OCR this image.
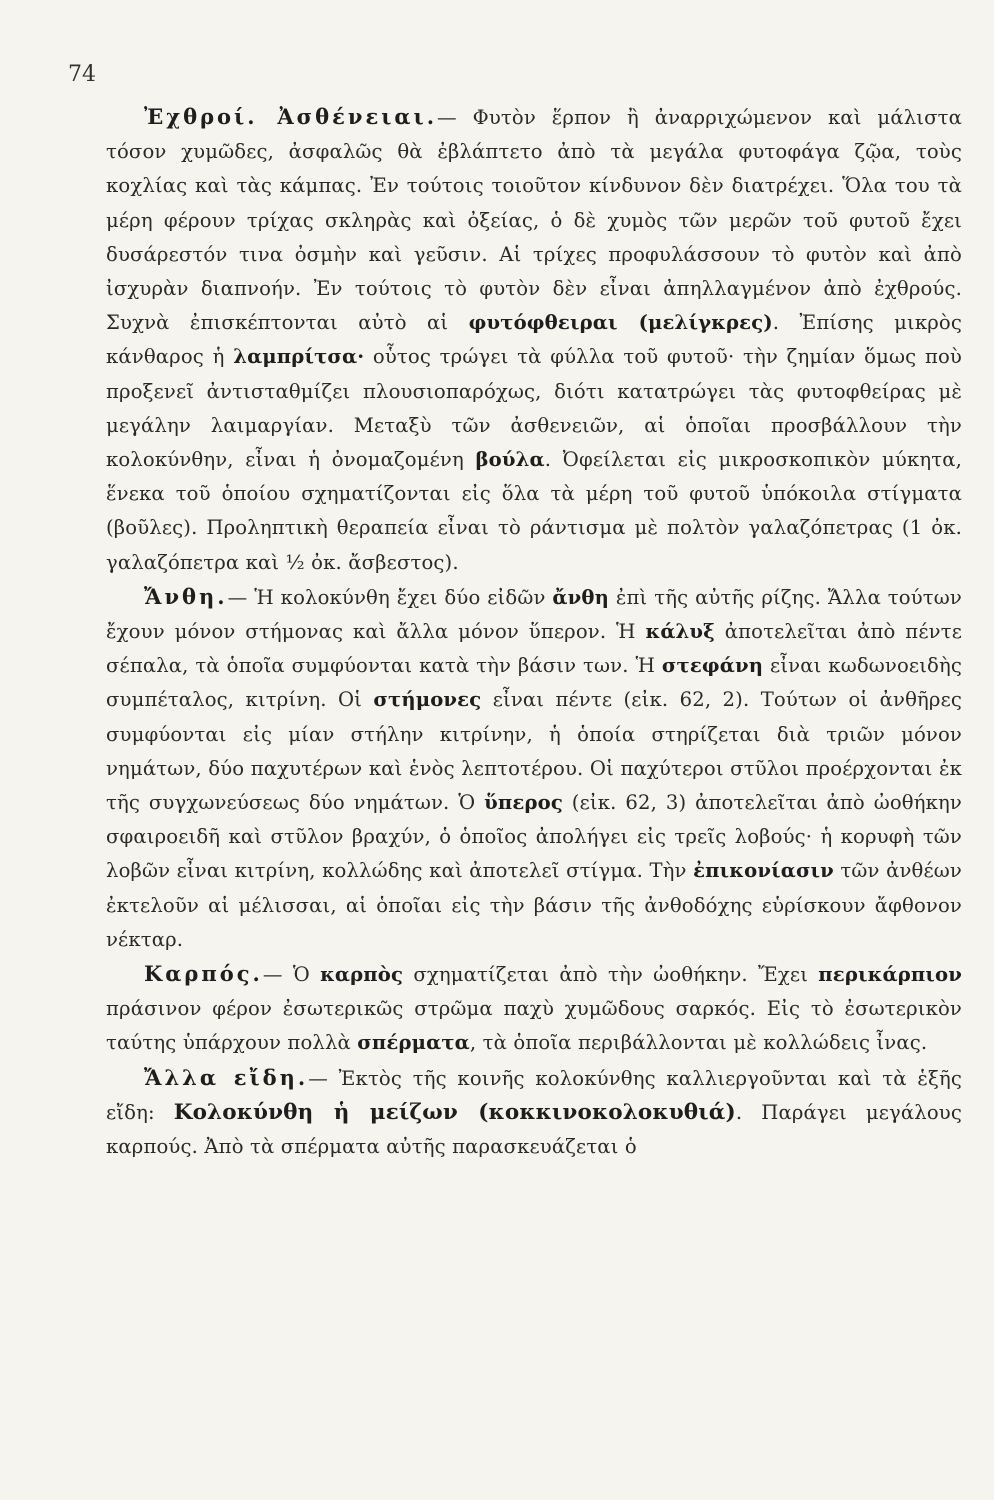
74

Ἐχθροί. Ἀσθένειαι.— Φυτὸν ἕρπον ἢ ἀναρριχώμενον καὶ μάλιστα τόσον χυμῶδες, ἀσφαλῶς θὰ ἐβλάπτετο ἀπὸ τὰ μεγάλα φυτοφάγα ζῷα, τοὺς κοχλίας καὶ τὰς κάμπας. Ἐν τούτοις τοιοῦτον κίνδυνον δὲν διατρέχει. Ὅλα του τὰ μέρη φέρουν τρίχας σκληρὰς καὶ ὀξείας, ὁ δὲ χυμὸς τῶν μερῶν τοῦ φυτοῦ ἔχει δυσάρεστόν τινα ὀσμὴν καὶ γεῦσιν. Αἱ τρίχες προφυλάσσουν τὸ φυτὸν καὶ ἀπὸ ἰσχυρὰν διαπνοήν. Ἐν τούτοις τὸ φυτὸν δὲν εἶναι ἀπηλλαγμένον ἀπὸ ἐχθρούς. Συχνὰ ἐπισκέπτονται αὐτὸ αἱ φυτόφθειραι (μελίγκρες). Ἐπίσης μικρὸς κάνθαρος ἡ λαμπρίτσα· οὗτος τρώγει τὰ φύλλα τοῦ φυτοῦ· τὴν ζημίαν ὅμως ποὺ προξενεῖ ἀντισταθμίζει πλουσιοπαρόχως, διότι κατατρώγει τὰς φυτοφθείρας μὲ μεγάλην λαιμαργίαν. Μεταξὺ τῶν ἀσθενειῶν, αἱ ὁποῖαι προσβάλλουν τὴν κολοκύνθην, εἶναι ἡ ὀνομαζομένη βούλα. Ὀφείλεται εἰς μικροσκοπικὸν μύκητα, ἕνεκα τοῦ ὁποίου σχηματίζονται εἰς ὅλα τὰ μέρη τοῦ φυτοῦ ὑπόκοιλα στίγματα (βοῦλες). Προληπτικὴ θεραπεία εἶναι τὸ ράντισμα μὲ πολτὸν γαλαζόπετρας (1 ὀκ. γαλαζόπετρα καὶ ½ ὀκ. ἄσβεστος).

Ἄνθη.— Ἡ κολοκύνθη ἔχει δύο εἰδῶν ἄνθη ἐπὶ τῆς αὐτῆς ρίζης. Ἄλλα τούτων ἔχουν μόνον στήμονας καὶ ἄλλα μόνον ὕπερον. Ἡ κάλυξ ἀποτελεῖται ἀπὸ πέντε σέπαλα, τὰ ὁποῖα συμφύονται κατὰ τὴν βάσιν των. Ἡ στεφάνη εἶναι κωδωνοειδὴς συμπέταλος, κιτρίνη. Οἱ στήμονες εἶναι πέντε (εἰκ. 62, 2). Τούτων οἱ ἀνθῆρες συμφύονται εἰς μίαν στήλην κιτρίνην, ἡ ὁποία στηρίζεται διὰ τριῶν μόνον νημάτων, δύο παχυτέρων καὶ ἑνὸς λεπτοτέρου. Οἱ παχύτεροι στῦλοι προέρχονται ἐκ τῆς συγχωνεύσεως δύο νημάτων. Ὁ ὕπερος (εἰκ. 62, 3) ἀποτελεῖται ἀπὸ ὠοθήκην σφαιροειδῆ καὶ στῦλον βραχύν, ὁ ὁποῖος ἀπολήγει εἰς τρεῖς λοβούς· ἡ κορυφὴ τῶν λοβῶν εἶναι κιτρίνη, κολλώδης καὶ ἀποτελεῖ στίγμα. Τὴν ἐπικονίασιν τῶν ἀνθέων ἐκτελοῦν αἱ μέλισσαι, αἱ ὁποῖαι εἰς τὴν βάσιν τῆς ἀνθοδόχης εὑρίσκουν ἄφθονον νέκταρ.

Καρπός.— Ὁ καρπὸς σχηματίζεται ἀπὸ τὴν ὠοθήκην. Ἔχει περικάρπιον πράσινον φέρον ἐσωτερικῶς στρῶμα παχὺ χυμῶδους σαρκός. Εἰς τὸ ἐσωτερικὸν ταύτης ὑπάρχουν πολλὰ σπέρματα, τὰ ὁποῖα περιβάλλονται μὲ κολλώδεις ἶνας.

Ἄλλα εἴδη.— Ἐκτὸς τῆς κοινῆς κολοκύνθης καλλιεργοῦνται καὶ τὰ ἑξῆς εἴδη: Κολοκύνθη ἡ μείζων (κοκκινοκολοκυθιά). Παράγει μεγάλους καρπούς. Ἀπὸ τὰ σπέρματα αὐτῆς παρασκευάζεται ὁ
